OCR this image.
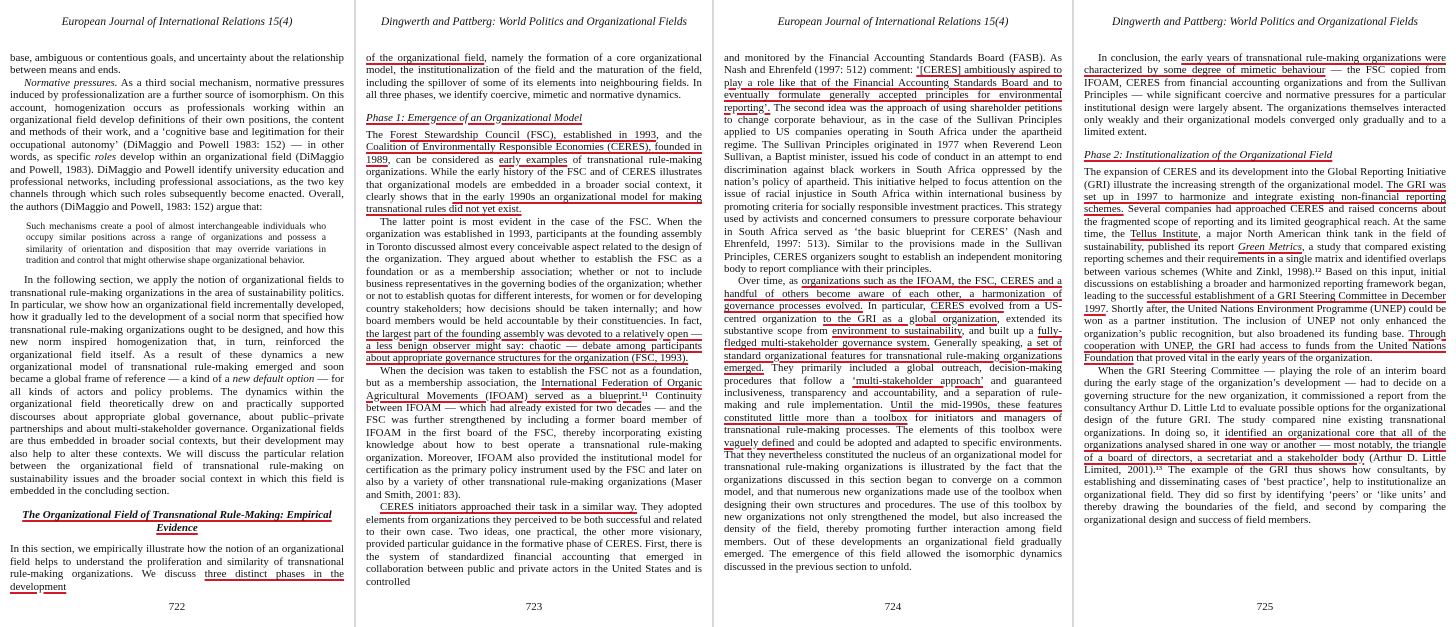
European Journal of International Relations 15(4)

base, ambiguous or contentious goals, and uncertainty about the relationship between means and ends.

Normative pressures. As a third social mechanism, normative pressures induced by professionalization are a further source of isomorphism. On this account, homogenization occurs as professionals working within an organizational field develop definitions of their own positions, the content and methods of their work, and a ‘cognitive base and legitimation for their occupational autonomy’ (DiMaggio and Powell 1983: 152) — in other words, as specific roles develop within an organizational field (DiMaggio and Powell, 1983). DiMaggio and Powell identify university education and professional networks, including professional associations, as the two key channels through which such roles subsequently become enacted. Overall, the authors (DiMaggio and Powell, 1983: 152) argue that:

Such mechanisms create a pool of almost interchangeable individuals who occupy similar positions across a range of organizations and possess a similarity of orientation and disposition that may override variations in tradition and control that might otherwise shape organizational behavior.

In the following section, we apply the notion of organizational fields to transnational rule-making organizations in the area of sustainability politics. In particular, we show how an organizational field incrementally developed, how it gradually led to the development of a social norm that specified how transnational rule-making organizations ought to be designed, and how this new norm inspired homogenization that, in turn, reinforced the organizational field itself. As a result of these dynamics a new organizational model of transnational rule-making emerged and soon became a global frame of reference — a kind of a new default option — for all kinds of actors and policy problems. The dynamics within the organizational field theoretically drew on and practically supported discourses about appropriate global governance, about public–private partnerships and about multi-stakeholder governance. Organizational fields are thus embedded in broader social contexts, but their development may also help to alter these contexts. We will discuss the particular relation between the organizational field of transnational rule-making on sustainability issues and the broader social context in which this field is embedded in the concluding section.

The Organizational Field of Transnational Rule-Making: Empirical Evidence

In this section, we empirically illustrate how the notion of an organizational field helps to understand the proliferation and similarity of transnational rule-making organizations. We discuss three distinct phases in the development

722
Dingwerth and Pattberg: World Politics and Organizational Fields

of the organizational field, namely the formation of a core organizational model, the institutionalization of the field and the maturation of the field, including the spillover of some of its elements into neighbouring fields. In all three phases, we identify coercive, mimetic and normative dynamics.

Phase 1: Emergence of an Organizational Model

The Forest Stewardship Council (FSC), established in 1993, and the Coalition of Environmentally Responsible Economies (CERES), founded in 1989, can be considered as early examples of transnational rule-making organizations. While the early history of the FSC and of CERES illustrates that organizational models are embedded in a broader social context, it clearly shows that in the early 1990s an organizational model for making transnational rules did not yet exist.

The latter point is most evident in the case of the FSC. When the organization was established in 1993, participants at the founding assembly in Toronto discussed almost every conceivable aspect related to the design of the organization. They argued about whether to establish the FSC as a foundation or as a membership association; whether or not to include business representatives in the governing bodies of the organization; whether or not to establish quotas for different interests, for women or for developing country stakeholders; how decisions should be taken internally; and how board members would be held accountable by their constituencies. In fact, the largest part of the founding assembly was devoted to a relatively open — a less benign observer might say: chaotic — debate among participants about appropriate governance structures for the organization (FSC, 1993).

When the decision was taken to establish the FSC not as a foundation, but as a membership association, the International Federation of Organic Agricultural Movements (IFOAM) served as a blueprint.¹¹ Continuity between IFOAM — which had already existed for two decades — and the FSC was further strengthened by including a former board member of IFOAM in the first board of the FSC, thereby incorporating existing knowledge about how to best operate a transnational rule-making organization. Moreover, IFOAM also provided the institutional model for certification as the primary policy instrument used by the FSC and later on also by a variety of other transnational rule-making organizations (Maser and Smith, 2001: 83).

CERES initiators approached their task in a similar way. They adopted elements from organizations they perceived to be both successful and related to their own case. Two ideas, one practical, the other more visionary, provided particular guidance in the formative phase of CERES. First, there is the system of standardized financial accounting that emerged in collaboration between public and private actors in the United States and is controlled

723
European Journal of International Relations 15(4)

and monitored by the Financial Accounting Standards Board (FASB). As Nash and Ehrenfeld (1997: 512) comment: ‘[CERES] ambitiously aspired to play a role like that of the Financial Accounting Standards Board and to eventually formulate generally accepted principles for environmental reporting’. The second idea was the approach of using shareholder petitions to change corporate behaviour, as in the case of the Sullivan Principles applied to US companies operating in South Africa under the apartheid regime. The Sullivan Principles originated in 1977 when Reverend Leon Sullivan, a Baptist minister, issued his code of conduct in an attempt to end discrimination against black workers in South Africa oppressed by the nation’s policy of apartheid. This initiative helped to focus attention on the issue of racial injustice in South Africa within international business by promoting criteria for socially responsible investment practices. This strategy used by activists and concerned consumers to pressure corporate behaviour in South Africa served as ‘the basic blueprint for CERES’ (Nash and Ehrenfeld, 1997: 513). Similar to the provisions made in the Sullivan Principles, CERES organizers sought to establish an independent monitoring body to report compliance with their principles.

Over time, as organizations such as the IFOAM, the FSC, CERES and a handful of others become aware of each other, a harmonization of governance processes evolved. In particular, CERES evolved from a US-centred organization to the GRI as a global organization, extended its substantive scope from environment to sustainability, and built up a fully-fledged multi-stakeholder governance system. Generally speaking, a set of standard organizational features for transnational rule-making organizations emerged. They primarily included a global outreach, decision-making procedures that follow a ‘multi-stakeholder approach’ and guaranteed inclusiveness, transparency and accountability, and a separation of rule-making and rule implementation. Until the mid-1990s, these features constituted little more than a toolbox for initiators and managers of transnational rule-making processes. The elements of this toolbox were vaguely defined and could be adopted and adapted to specific environments. That they nevertheless constituted the nucleus of an organizational model for transnational rule-making organizations is illustrated by the fact that the organizations discussed in this section began to converge on a common model, and that numerous new organizations made use of the toolbox when designing their own structures and procedures. The use of this toolbox by new organizations not only strengthened the model, but also increased the density of the field, thereby promoting further interaction among field members. Out of these developments an organizational field gradually emerged. The emergence of this field allowed the isomorphic dynamics discussed in the previous section to unfold.

724
Dingwerth and Pattberg: World Politics and Organizational Fields

In conclusion, the early years of transnational rule-making organizations were characterized by some degree of mimetic behaviour — the FSC copied from IFOAM, CERES from financial accounting organizations and from the Sullivan Principles — while significant coercive and normative pressures for a particular institutional design were largely absent. The organizations themselves interacted only weakly and their organizational models converged only gradually and to a limited extent.

Phase 2: Institutionalization of the Organizational Field

The expansion of CERES and its development into the Global Reporting Initiative (GRI) illustrate the increasing strength of the organizational model. The GRI was set up in 1997 to harmonize and integrate existing non-financial reporting schemes. Several companies had approached CERES and raised concerns about the fragmented scope of reporting and its limited geographical reach. At the same time, the Tellus Institute, a major North American think tank in the field of sustainability, published its report Green Metrics, a study that compared existing reporting schemes and their requirements in a single matrix and identified overlaps between various schemes (White and Zinkl, 1998).¹² Based on this input, initial discussions on establishing a broader and harmonized reporting framework began, leading to the successful establishment of a GRI Steering Committee in December 1997. Shortly after, the United Nations Environment Programme (UNEP) could be won as a partner institution. The inclusion of UNEP not only enhanced the organization’s public recognition, but also broadened its funding base. Through cooperation with UNEP, the GRI had access to funds from the United Nations Foundation that proved vital in the early years of the organization.

When the GRI Steering Committee — playing the role of an interim board during the early stage of the organization’s development — had to decide on a governing structure for the new organization, it commissioned a report from the consultancy Arthur D. Little Ltd to evaluate possible options for the organizational design of the future GRI. The study compared nine existing transnational organizations. In doing so, it identified an organizational core that all of the organizations analysed shared in one way or another — most notably, the triangle of a board of directors, a secretariat and a stakeholder body (Arthur D. Little Limited, 2001).¹³ The example of the GRI thus shows how consultants, by establishing and disseminating cases of ‘best practice’, help to institutionalize an organizational field. They did so first by identifying ‘peers’ or ‘like units’ and thereby drawing the boundaries of the field, and second by comparing the organizational design and success of field members.

725
